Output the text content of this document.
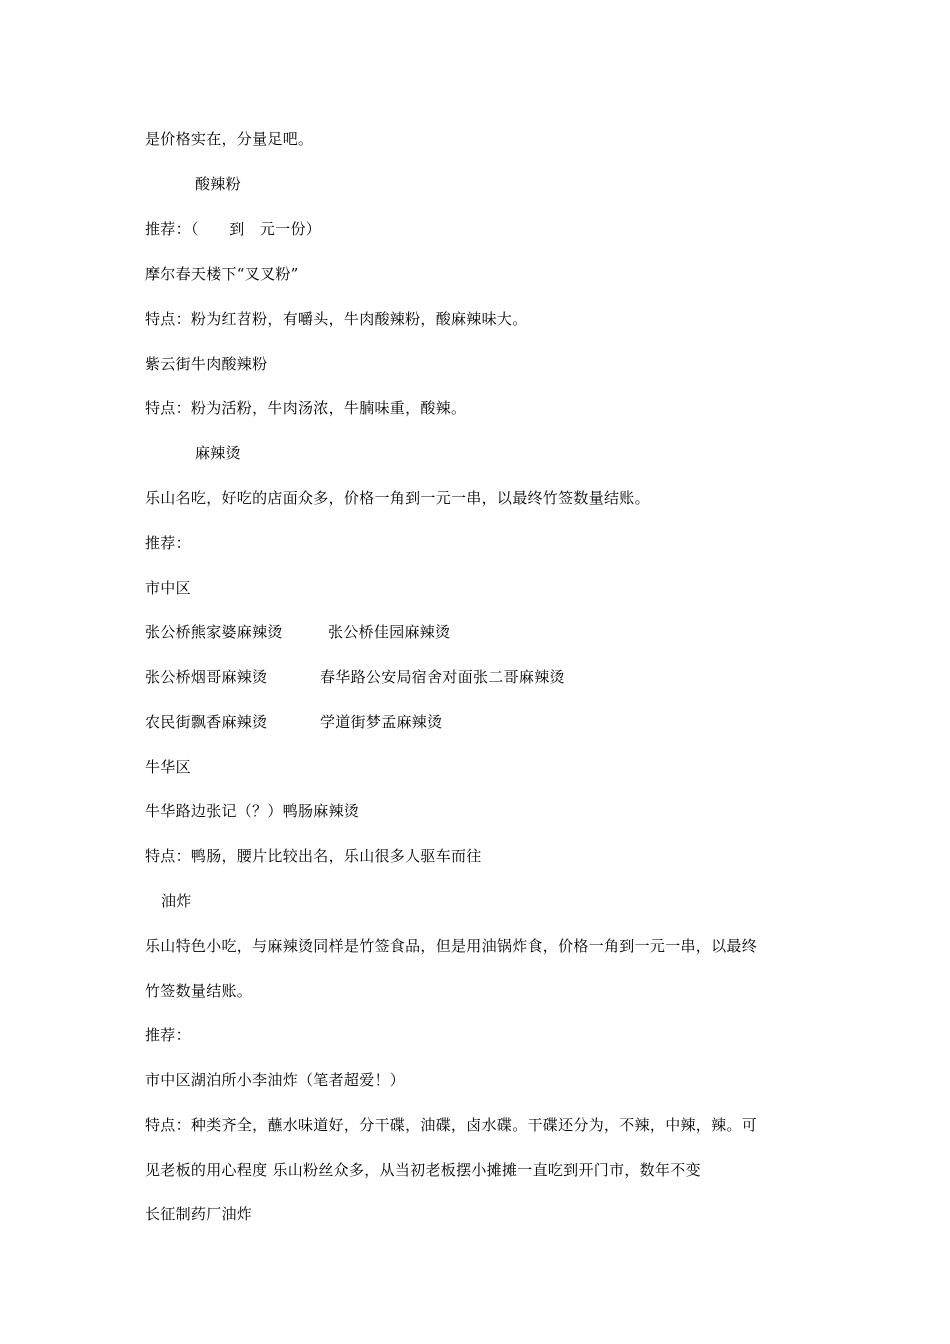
是价格实在，分量足吧。
酸辣粉
推荐：（　　到　元一份）
摩尔春天楼下“叉叉粉”
特点：粉为红苕粉，有嚼头，牛肉酸辣粉，酸麻辣味大。
紫云街牛肉酸辣粉
特点：粉为活粉，牛肉汤浓，牛腩味重，酸辣。
麻辣烫
乐山名吃，好吃的店面众多，价格一角到一元一串，以最终竹签数量结账。
推荐：
市中区
张公桥熊家婆麻辣烫	张公桥佳园麻辣烫
张公桥烟哥麻辣烫	春华路公安局宿舍对面张二哥麻辣烫
农民街飘香麻辣烫	学道街梦孟麻辣烫
牛华区
牛华路边张记（？）鸭肠麻辣烫
特点：鸭肠，腰片比较出名，乐山很多人驱车而往
油炸
乐山特色小吃，与麻辣烫同样是竹签食品，但是用油锅炸食，价格一角到一元一串，以最终
竹签数量结账。
推荐：
市中区湖泊所小李油炸（笔者超爱！）
特点：种类齐全，蘸水味道好，分干碟，油碟，卤水碟。干碟还分为，不辣，中辣，辣。可
见老板的用心程度 乐山粉丝众多，从当初老板摆小摊摊一直吃到开门市，数年不变
长征制药厂油炸
